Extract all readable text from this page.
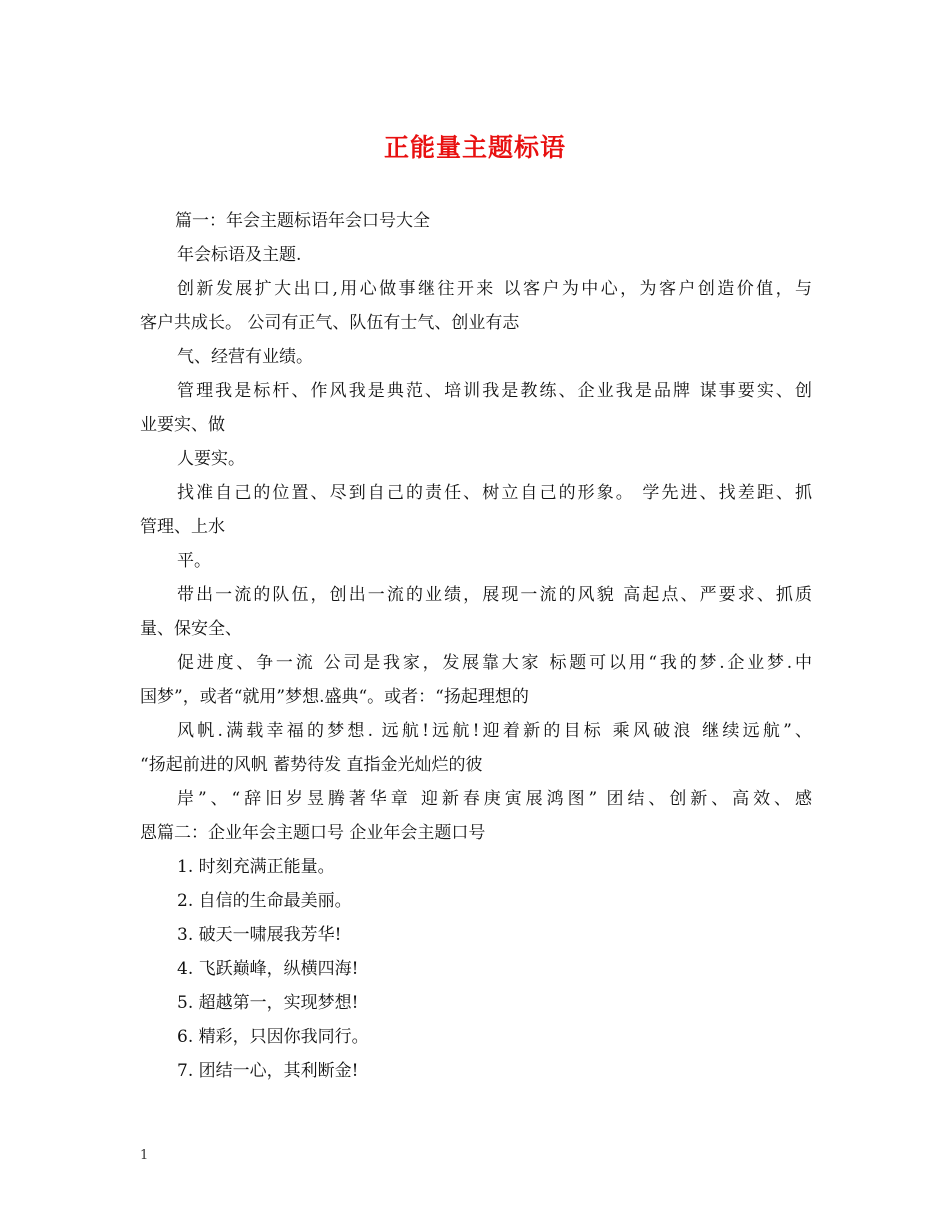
正能量主题标语
篇一：年会主题标语年会口号大全
年会标语及主题.
创新发展扩大出口,用心做事继往开来 以客户为中心，为客户创造价值，与
客户共成长。 公司有正气、队伍有士气、创业有志
气、经营有业绩。
管理我是标杆、作风我是典范、培训我是教练、企业我是品牌 谋事要实、创
业要实、做
人要实。
找准自己的位置、尽到自己的责任、树立自己的形象。 学先进、找差距、抓
管理、上水
平。
带出一流的队伍，创出一流的业绩，展现一流的风貌 高起点、严要求、抓质
量、保安全、
促进度、争一流 公司是我家，发展靠大家 标题可以用“我的梦.企业梦.中
国梦”，或者“就用”梦想.盛典“。或者：“扬起理想的
风帆.满载幸福的梦想. 远航!远航!迎着新的目标 乘风破浪 继续远航”、
“扬起前进的风帆 蓄势待发 直指金光灿烂的彼
岸”、“辞旧岁昱腾著华章 迎新春庚寅展鸿图” 团结、创新、高效、感
恩篇二：企业年会主题口号 企业年会主题口号
1. 时刻充满正能量。
2. 自信的生命最美丽。
3. 破天一啸展我芳华!
4. 飞跃巅峰，纵横四海!
5. 超越第一，实现梦想!
6. 精彩，只因你我同行。
7. 团结一心，其利断金!
1
